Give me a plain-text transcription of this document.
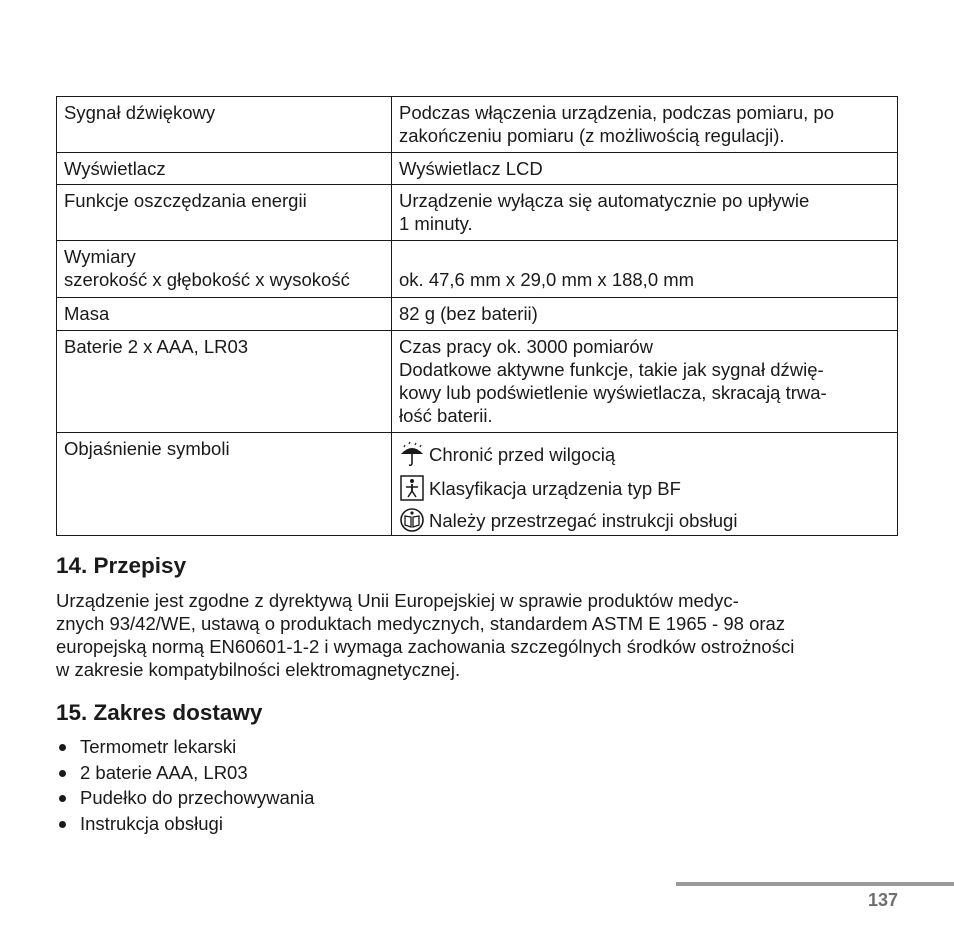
Sygnał dźwiękowy	Podczas włączenia urządzenia, podczas pomiaru, po
zakończeniu pomiaru (z możliwością regulacji).

Wyświetlacz	Wyświetlacz LCD
Funkcje oszczędzania energii	Urządzenie wyłącza się automatycznie po upływie
1 minuty.

Wymiary
szerokość x głębokość x wysokość	ok. 47,6 mm x 29,0 mm x 188,0 mm

Masa	82 g (bez baterii)
Baterie 2 x AAA, LR03	Czas pracy ok. 3000 pomiarów
Dodatkowe aktywne funkcje, takie jak sygnał dźwię-
kowy lub podświetlenie wyświetlacza, skracają trwa-
łość baterii.

Objaśnienie symboli	Chronić przed wilgocią
Klasyfikacja urządzenia typ BF
Należy przestrzegać instrukcji obsługi
14. Przepisy

Urządzenie jest zgodne z dyrektywą Unii Europejskiej w sprawie produktów medyc-
znych 93/42/WE, ustawą o produktach medycznych, standardem ASTM E 1965 - 98 oraz
europejską normą EN60601-1-2 i wymaga zachowania szczególnych środków ostrożności
w zakresie kompatybilności elektromagnetycznej.

15. Zakres dostawy
Termometr lekarski
2 baterie AAA, LR03
Pudełko do przechowywania
Instrukcja obsługi
137
